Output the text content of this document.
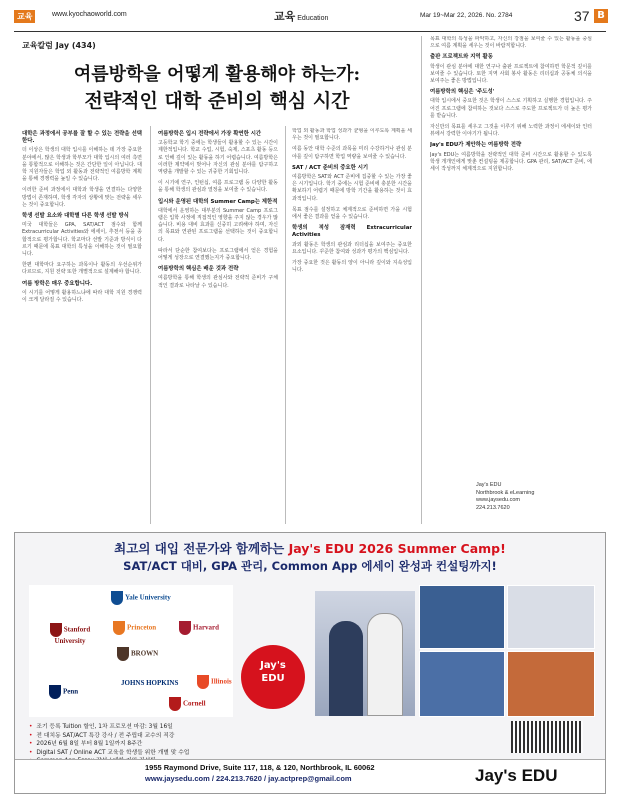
교육	www.kyochaoworld.com	교육 Education	Mar 19~Mar 22, 2026. No. 2784	37 B
교육칼럼 Jay (434)
여름방학을 어떻게 활용해야 하는가:
전략적인 대학 준비의 핵심 시간
대학은 과정에서 공부를 잘 할 수 있는 전략을 선택한다.

더 이상은 학생의 대학 입시를 이해하는 데 가장 중요한 분야에서, 많은 학생과 학부모가 대학 입시의 여러 측면을 통합적으로 이해하는 것은 간단한 일이 아닙니다. 대학 지원자들은 학업 외 활동과 전략적인 여름방학 계획을 통해 경쟁력을 높일 수 있습니다.

이러한 준비 과정에서 대학과 학생을 연결하는 다양한 방법이 존재하며, 학생 각자의 상황에 맞는 전략을 세우는 것이 중요합니다.

학생 선발 요소와 대학별 다른 학생 선발 방식

미국 대학들은 GPA, SAT/ACT 점수와 함께 Extracurricular Activities와 에세이, 추천서 등을 종합적으로 평가합니다. 학교마다 선발 기준과 방식이 다르기 때문에 목표 대학의 특성을 이해하는 것이 필요합니다.

한편 대학마다 요구하는 과목이나 활동의 우선순위가 다르므로, 지원 전략 또한 개별적으로 설계해야 합니다.

여름 방학은 매우 중요합니다.

이 시기를 어떻게 활용하느냐에 따라 대학 지원 경쟁력이 크게 달라질 수 있습니다.

여름방학은 입시 전략에서 가장 확연한 시간

고등학교 학기 중에는 학생들이 활용할 수 있는 시간이 제한적입니다. 학교 수업, 시험, 숙제, 스포츠 활동 등으로 인해 깊이 있는 활동을 하기 어렵습니다. 여름방학은 이러한 제약에서 벗어나 자신의 관심 분야를 탐구하고 역량을 개발할 수 있는 귀중한 기회입니다.

이 시기에 연구, 인턴십, 여름 프로그램 등 다양한 활동을 통해 학생의 관심과 열정을 보여줄 수 있습니다.

입시와 운영된 대학의 Summer Camp는 제한적

대학에서 운영하는 대부분의 Summer Camp 프로그램은 입학 사정에 직접적인 영향을 주지 않는 경우가 많습니다. 비용 대비 효과를 신중히 고려해야 하며, 자신의 목표와 연관된 프로그램을 선택하는 것이 중요합니다.

따라서 단순한 참여보다는 프로그램에서 얻은 경험을 어떻게 성장으로 연결했는지가 중요합니다.

여름방학의 핵심은 배운 것과 전략

여름방학을 통해 학생의 관심사와 전략적 준비가 구체적인 결과로 나타날 수 있습니다.

학업 외 활동과 학업 성과가 균형을 이루도록 계획을 세우는 것이 필요합니다.

여름 동안 대학 수준의 과목을 미리 수강하거나 관심 분야를 깊이 탐구하면 학업 역량을 보여줄 수 있습니다.

SAT / ACT 준비의 중요한 시기

여름방학은 SAT와 ACT 준비에 집중할 수 있는 가장 좋은 시기입니다. 학기 중에는 시험 준비에 충분한 시간을 확보하기 어렵기 때문에 방학 기간을 활용하는 것이 효과적입니다.

목표 점수를 설정하고 체계적으로 준비하면 가을 시험에서 좋은 결과를 얻을 수 있습니다.

학생의 적성 잠재력 Extracurricular Activities

과외 활동은 학생의 관심과 리더십을 보여주는 중요한 요소입니다. 꾸준한 참여와 성과가 평가의 핵심입니다.

가장 중요한 것은 활동의 양이 아니라 깊이와 지속성입니다.

목표 대학의 특성을 파악하고, 자신의 강점을 보여줄 수 있는 활동을 중심으로 여름 계획을 세우는 것이 바람직합니다.

출판 프로젝트와 지역 활동

학생이 관심 분야에 대한 연구나 출판 프로젝트에 참여하면 학문적 깊이를 보여줄 수 있습니다. 또한 지역 사회 봉사 활동은 리더십과 공동체 의식을 보여주는 좋은 방법입니다.

여름방학의 핵심은 '주도성'

대학 입시에서 중요한 것은 학생이 스스로 기획하고 실행한 경험입니다. 주어진 프로그램에 참여하는 것보다 스스로 주도한 프로젝트가 더 높은 평가를 받습니다.

자신만의 목표를 세우고 그것을 이루기 위해 노력한 과정이 에세이와 인터뷰에서 강력한 이야기가 됩니다.

Jay's EDU가 제안하는 여름방학 전략

Jay's EDU는 여름방학을 전략적인 대학 준비 시간으로 활용할 수 있도록 학생 개개인에게 맞춘 컨설팅을 제공합니다. GPA 관리, SAT/ACT 준비, 에세이 작성까지 체계적으로 지원합니다.

Jay's EDU
Northbrook & eLearning
www.jaysedu.com
224.213.7620
최고의 대입 전문가와 함께하는 Jay's EDU 2026 Summer Camp!
SAT/ACT 대비, GPA 관리, Common App 에세이 완성과 컨설팅까지!
Yale University
Stanford University
Princeton
BROWN
Harvard
JOHNS HOPKINS	Illinois
Penn
Cornell
Jay's
EDU
• 조기 등록 Tuition 할인, 1차 프로모션 마감: 3월 16일
• 전 대치동 SAT/ACT 특강 강사 / 전 주립대 교수의 직강
• 2026년 6월 8일 부터 8월 1일까지 8주간
• Digital SAT / Online ACT 교육을 학생들 위한 개별 맞 수업
•
•
•
1955 Raymond Drive, Suite 117, 118, & 120, Northbrook, IL 60062
www.jaysedu.com / 224.213.7620 / jay.actprep@gmail.com	Jay's EDU
